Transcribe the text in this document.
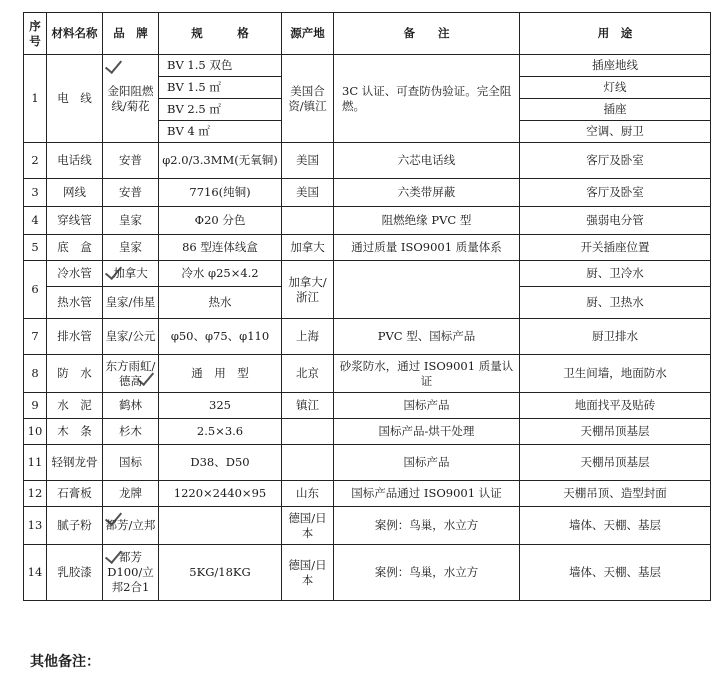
序号	材料名称	品　牌	规　　　格	源产地	备　　注	用　途
1	电　线	金阳阻燃线/菊花	BV 1.5 双色	美国合资/镇江	3C 认证、可查防伪验证。完全阻燃。	插座地线
			BV 1.5 ㎡			灯线
			BV 2.5 ㎡			插座
			BV 4 ㎡			空调、厨卫
2	电话线	安普	φ2.0/3.3MM(无氧铜)	美国	六芯电话线	客厅及卧室
3	网线	安普	7716(纯铜)	美国	六类带屏蔽	客厅及卧室
4	穿线管	皇家	Φ20 分色		阻燃绝缘 PVC 型	强弱电分管
5	底　盒	皇家	86 型连体线盒	加拿大	通过质量 ISO9001 质量体系	开关插座位置
6	冷水管	加拿大	冷水 φ25×4.2	加拿大/浙江		厨、卫冷水
	热水管	皇家/伟星	热水			厨、卫热水
7	排水管	皇家/公元	φ50、φ75、φ110	上海	PVC 型、国标产品	厨卫排水
8	防　水	东方雨虹/德高	通　用　型	北京	砂浆防水，通过 ISO9001 质量认证	卫生间墙，地面防水
9	水　泥	鹤林	325	镇江	国标产品	地面找平及贴砖
10	木　条	杉木	2.5×3.6		国标产品-烘干处理	天棚吊顶基层
11	轻钢龙骨	国标	D38、D50		国标产品	天棚吊顶基层
12	石膏板	龙牌	1220×2440×95	山东	国标产品通过 ISO9001 认证	天棚吊顶、造型封面
13	腻子粉	都芳/立邦		德国/日本	案例：鸟巢，水立方	墙体、天棚、基层
14	乳胶漆	都芳D100/立邦2合1	5KG/18KG	德国/日本	案例：鸟巢，水立方	墙体、天棚、基层
其他备注：
